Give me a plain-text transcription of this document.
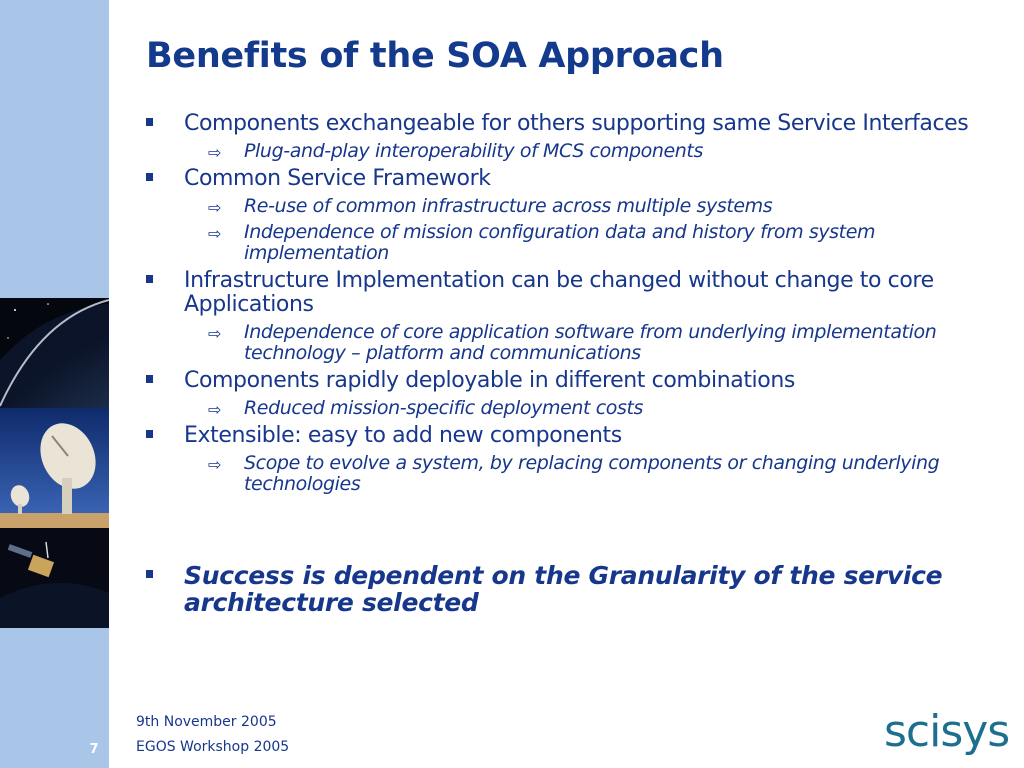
7
Benefits of the SOA Approach
Components exchangeable for others supporting same Service Interfaces
⇨ Plug-and-play interoperability of MCS components
Common Service Framework
⇨ Re-use of common infrastructure across multiple systems
⇨ Independence of mission configuration data and history from system implementation
Infrastructure Implementation can be changed without change to core Applications
⇨ Independence of core application software from underlying implementation technology – platform and communications
Components rapidly deployable in different combinations
⇨ Reduced mission-specific deployment costs
Extensible: easy to add new components
⇨ Scope to evolve a system, by replacing components or changing underlying technologies
Success is dependent on the Granularity of the service architecture selected
9th November 2005
EGOS Workshop 2005	scisys
